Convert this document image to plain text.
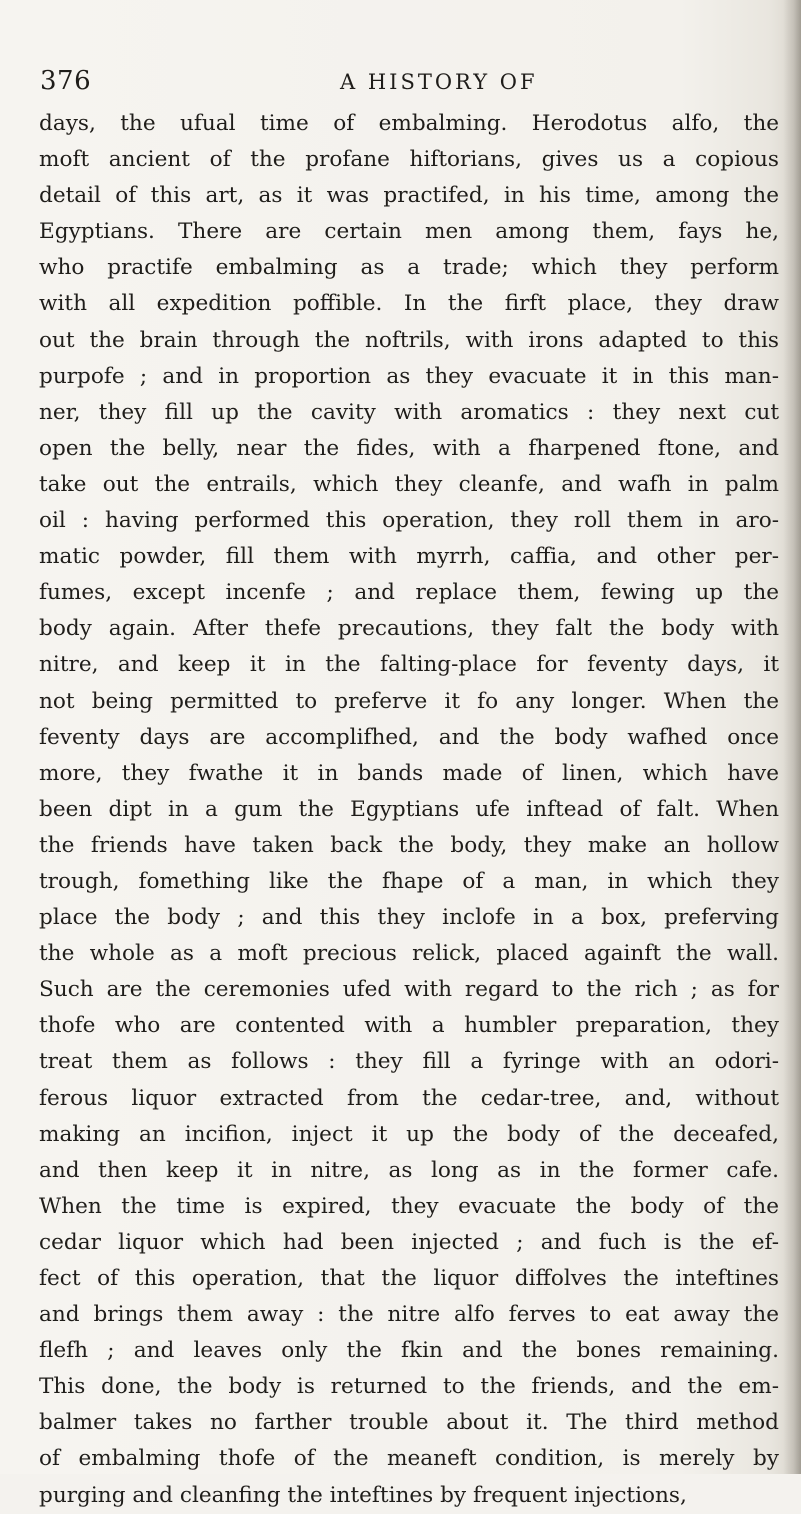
376	A HISTORY OF
days, the ufual time of embalming. Herodotus alfo, the
moft ancient of the profane hiftorians, gives us a copious
detail of this art, as it was practifed, in his time, among the
Egyptians. There are certain men among them, fays he,
who practife embalming as a trade; which they perform
with all expedition poffible. In the firft place, they draw
out the brain through the noftrils, with irons adapted to this
purpofe ; and in proportion as they evacuate it in this man-
ner, they fill up the cavity with aromatics : they next cut
open the belly, near the fides, with a fharpened ftone, and
take out the entrails, which they cleanfe, and wafh in palm
oil : having performed this operation, they roll them in aro-
matic powder, fill them with myrrh, caffia, and other per-
fumes, except incenfe ; and replace them, fewing up the
body again. After thefe precautions, they falt the body with
nitre, and keep it in the falting-place for feventy days, it
not being permitted to preferve it fo any longer. When the
feventy days are accomplifhed, and the body wafhed once
more, they fwathe it in bands made of linen, which have
been dipt in a gum the Egyptians ufe inftead of falt. When
the friends have taken back the body, they make an hollow
trough, fomething like the fhape of a man, in which they
place the body ; and this they inclofe in a box, preferving
the whole as a moft precious relick, placed againft the wall.
Such are the ceremonies ufed with regard to the rich ; as for
thofe who are contented with a humbler preparation, they
treat them as follows : they fill a fyringe with an odori-
ferous liquor extracted from the cedar-tree, and, without
making an incifion, inject it up the body of the deceafed,
and then keep it in nitre, as long as in the former cafe.
When the time is expired, they evacuate the body of the
cedar liquor which had been injected ; and fuch is the ef-
fect of this operation, that the liquor diffolves the inteftines
and brings them away : the nitre alfo ferves to eat away the
flefh ; and leaves only the fkin and the bones remaining.
This done, the body is returned to the friends, and the em-
balmer takes no farther trouble about it. The third method
of embalming thofe of the meaneft condition, is merely by
purging and cleanfing the inteftines by frequent injections,
